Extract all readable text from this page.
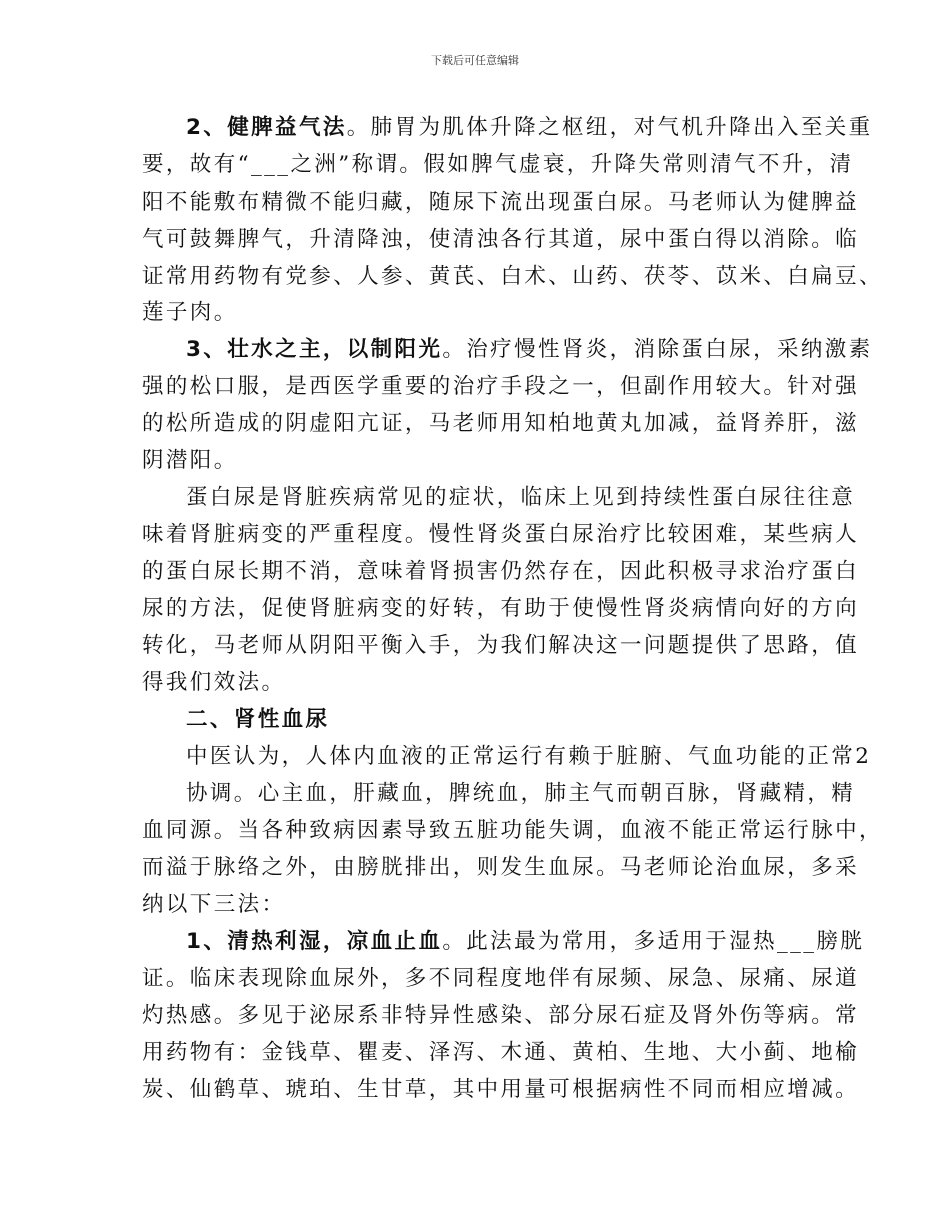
下载后可任意编辑
2、健脾益气法。肺胃为肌体升降之枢纽，对气机升降出入至关重
要，故有“___之洲”称谓。假如脾气虚衰，升降失常则清气不升，清
阳不能敷布精微不能归藏，随尿下流出现蛋白尿。马老师认为健脾益
气可鼓舞脾气，升清降浊，使清浊各行其道，尿中蛋白得以消除。临
证常用药物有党参、人参、黄芪、白术、山药、茯苓、苡米、白扁豆、
莲子肉。
3、壮水之主，以制阳光。治疗慢性肾炎，消除蛋白尿，采纳激素
强的松口服，是西医学重要的治疗手段之一，但副作用较大。针对强
的松所造成的阴虚阳亢证，马老师用知柏地黄丸加减，益肾养肝，滋
阴潜阳。
蛋白尿是肾脏疾病常见的症状，临床上见到持续性蛋白尿往往意
味着肾脏病变的严重程度。慢性肾炎蛋白尿治疗比较困难，某些病人
的蛋白尿长期不消，意味着肾损害仍然存在，因此积极寻求治疗蛋白
尿的方法，促使肾脏病变的好转，有助于使慢性肾炎病情向好的方向
转化，马老师从阴阳平衡入手，为我们解决这一问题提供了思路，值
得我们效法。
二、肾性血尿
中医认为，人体内血液的正常运行有赖于脏腑、气血功能的正常2
协调。心主血，肝藏血，脾统血，肺主气而朝百脉，肾藏精，精
血同源。当各种致病因素导致五脏功能失调，血液不能正常运行脉中，
而溢于脉络之外，由膀胱排出，则发生血尿。马老师论治血尿，多采
纳以下三法：
1、清热利湿，凉血止血。此法最为常用，多适用于湿热___膀胱
证。临床表现除血尿外，多不同程度地伴有尿频、尿急、尿痛、尿道
灼热感。多见于泌尿系非特异性感染、部分尿石症及肾外伤等病。常
用药物有：金钱草、瞿麦、泽泻、木通、黄柏、生地、大小蓟、地榆
炭、仙鹤草、琥珀、生甘草，其中用量可根据病性不同而相应增减。
